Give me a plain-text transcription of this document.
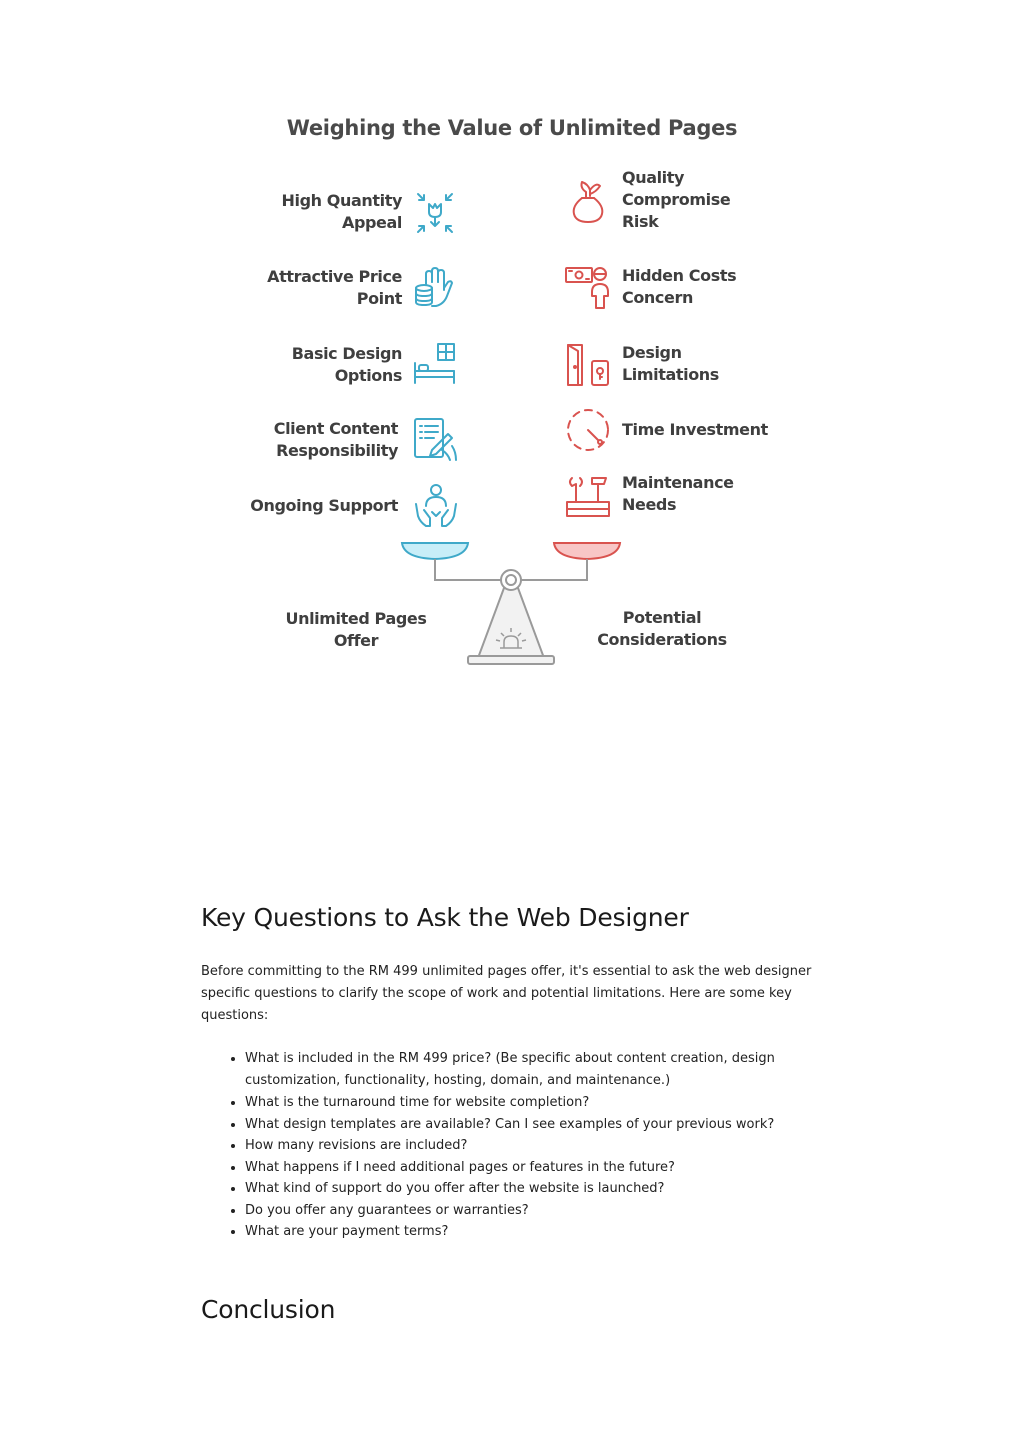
Weighing the Value of Unlimited Pages
High Quantity
Appeal
Attractive Price
Point
Basic Design
Options
Client Content
Responsibility
Ongoing Support
Quality
Compromise
Risk
Hidden Costs
Concern
Design
Limitations
Time Investment
Maintenance
Needs
Unlimited Pages Offer
Potential
Considerations
Key Questions to Ask the Web Designer

Before committing to the RM 499 unlimited pages offer, it's essential to ask the web designer specific questions to clarify the scope of work and potential limitations. Here are some key questions:

• What is included in the RM 499 price? (Be specific about content creation, design customization, functionality, hosting, domain, and maintenance.)
• What is the turnaround time for website completion?
• What design templates are available? Can I see examples of your previous work?
• How many revisions are included?
• What happens if I need additional pages or features in the future?
• What kind of support do you offer after the website is launched?
• Do you offer any guarantees or warranties?
• What are your payment terms?
Conclusion
